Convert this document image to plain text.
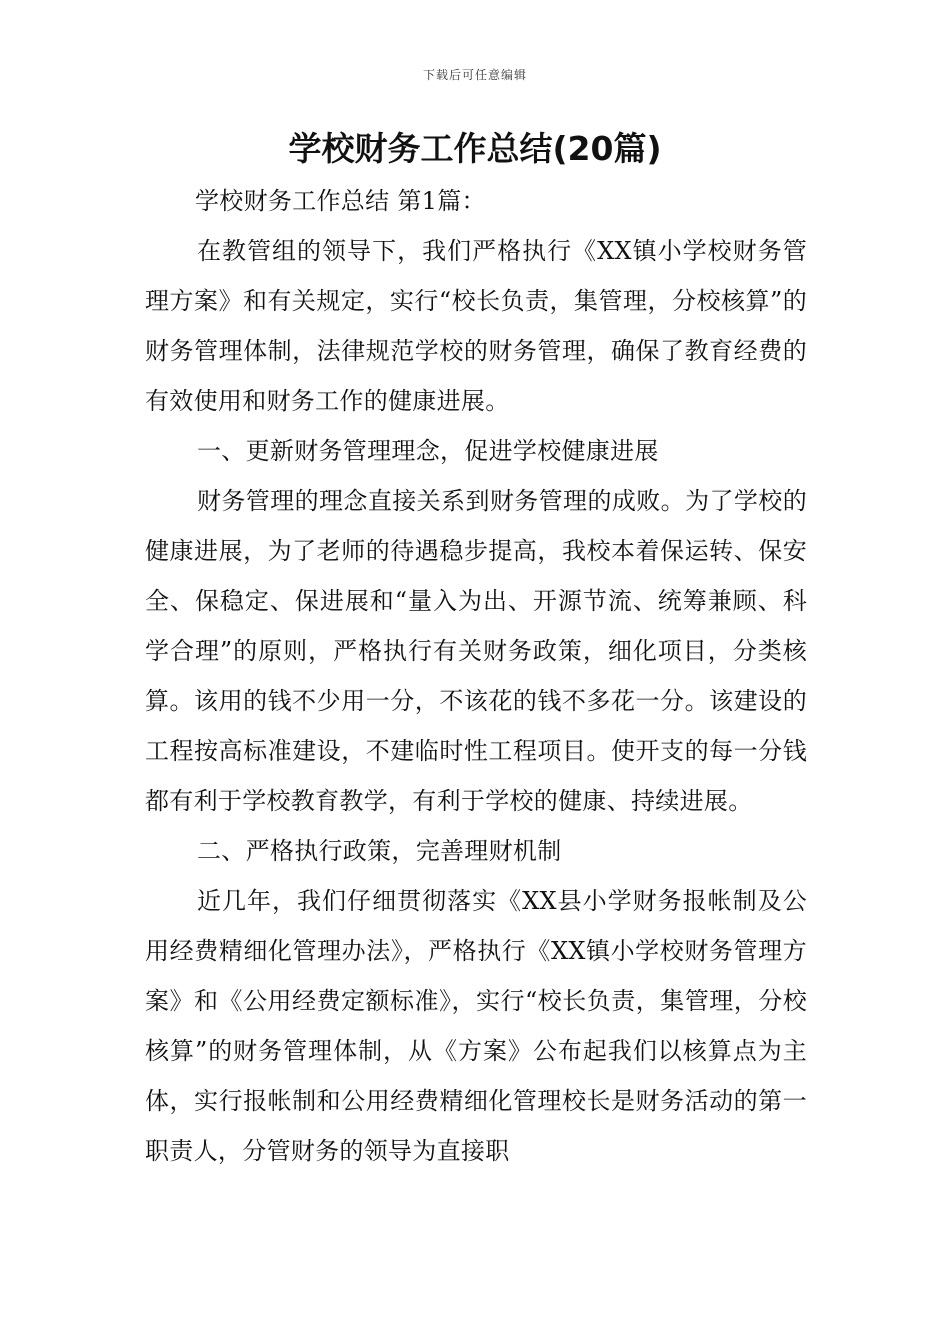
下载后可任意编辑
学校财务工作总结(20篇)

学校财务工作总结 第1篇：

在教管组的领导下，我们严格执行《XX镇小学校财务管理方案》和有关规定，实行“校长负责，集管理，分校核算”的财务管理体制，法律规范学校的财务管理，确保了教育经费的有效使用和财务工作的健康进展。

一、更新财务管理理念，促进学校健康进展

财务管理的理念直接关系到财务管理的成败。为了学校的健康进展，为了老师的待遇稳步提高，我校本着保运转、保安全、保稳定、保进展和“量入为出、开源节流、统筹兼顾、科学合理”的原则，严格执行有关财务政策，细化项目，分类核算。该用的钱不少用一分，不该花的钱不多花一分。该建设的工程按高标准建设，不建临时性工程项目。使开支的每一分钱都有利于学校教育教学，有利于学校的健康、持续进展。

二、严格执行政策，完善理财机制

近几年，我们仔细贯彻落实《XX县小学财务报帐制及公用经费精细化管理办法》，严格执行《XX镇小学校财务管理方案》和《公用经费定额标准》，实行“校长负责，集管理，分校核算”的财务管理体制，从《方案》公布起我们以核算点为主体，实行报帐制和公用经费精细化管理校长是财务活动的第一职责人，分管财务的领导为直接职
